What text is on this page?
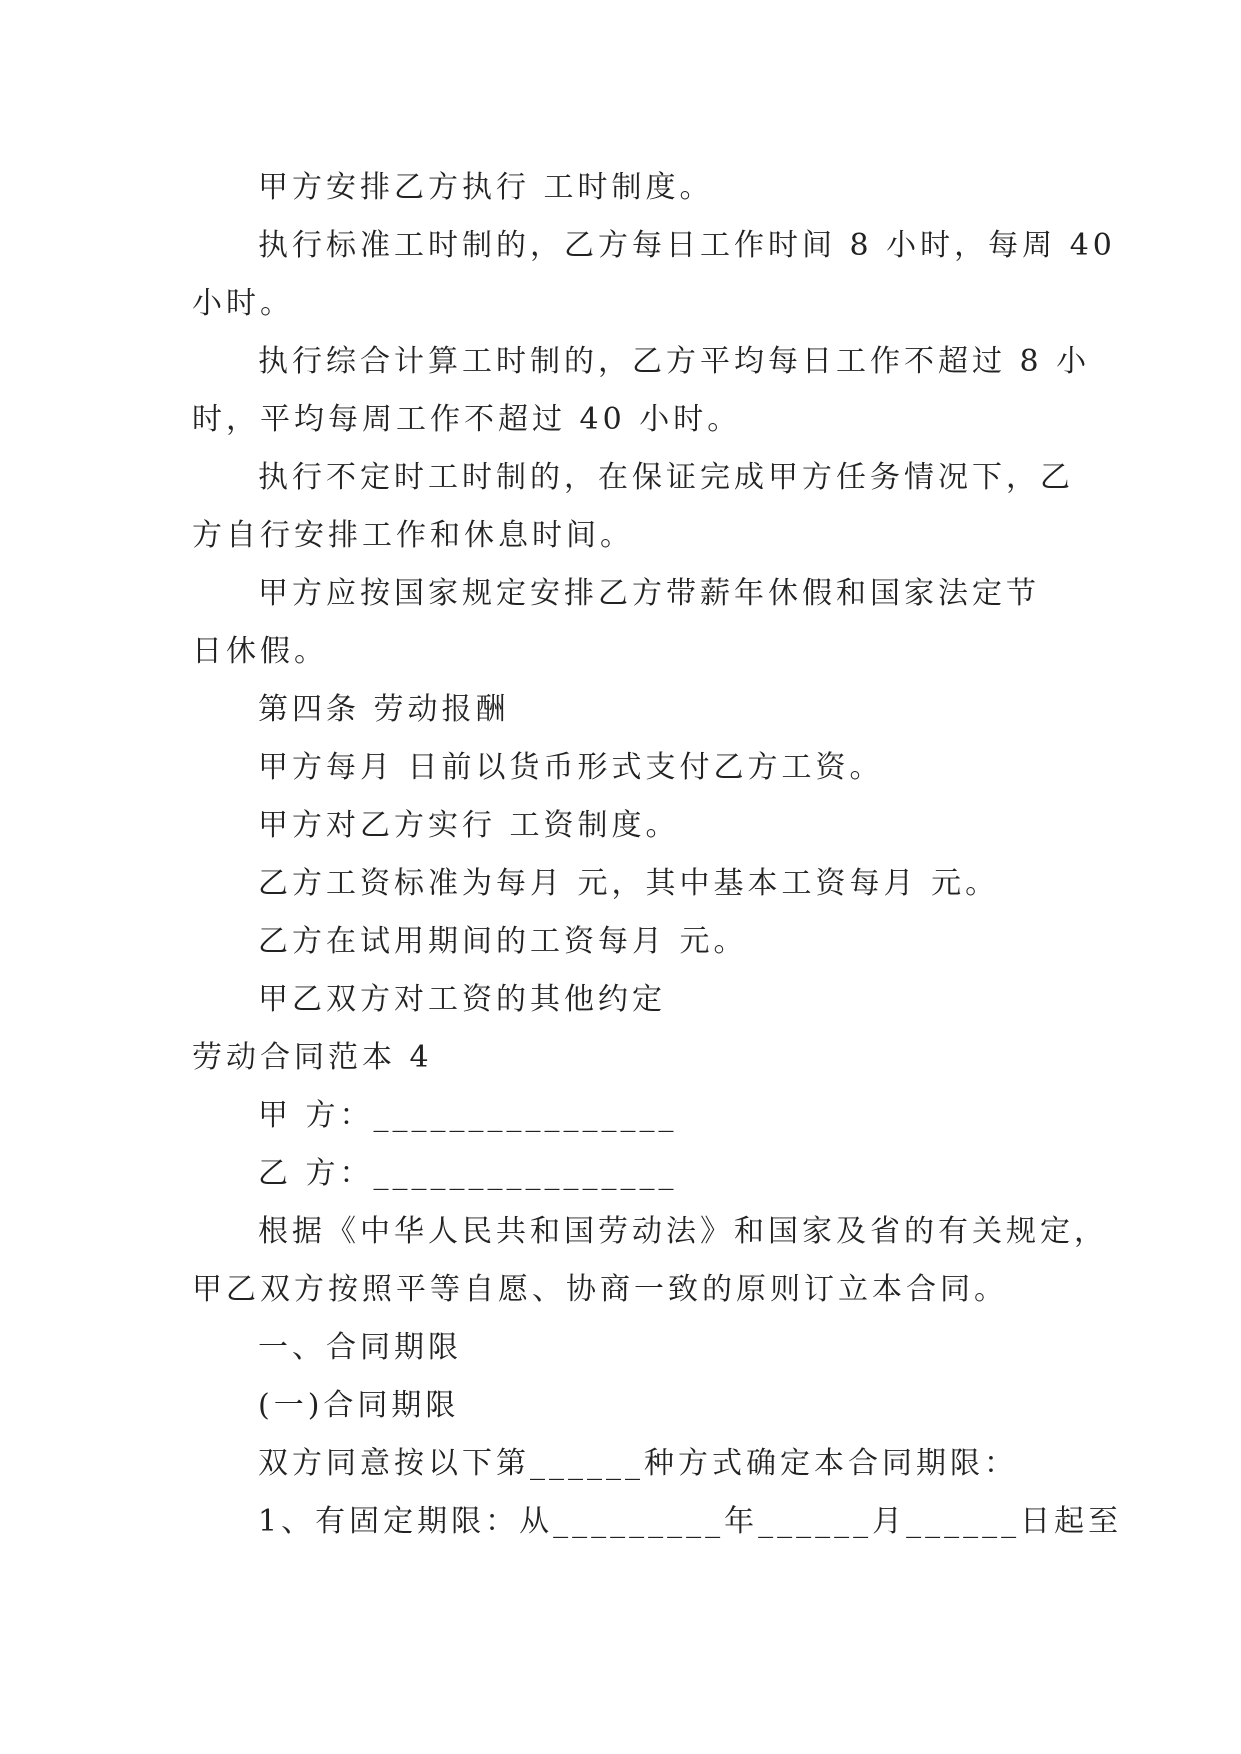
甲方安排乙方执行 工时制度。
执行标准工时制的，乙方每日工作时间 8 小时，每周 40
小时。
执行综合计算工时制的，乙方平均每日工作不超过 8 小
时，平均每周工作不超过 40 小时。
执行不定时工时制的，在保证完成甲方任务情况下，乙
方自行安排工作和休息时间。
甲方应按国家规定安排乙方带薪年休假和国家法定节
日休假。
第四条 劳动报酬
甲方每月 日前以货币形式支付乙方工资。
甲方对乙方实行 工资制度。
乙方工资标准为每月 元，其中基本工资每月 元。
乙方在试用期间的工资每月 元。
甲乙双方对工资的其他约定
劳动合同范本 4
甲 方：________________
乙 方：________________
根据《中华人民共和国劳动法》和国家及省的有关规定，
甲乙双方按照平等自愿、协商一致的原则订立本合同。
一、合同期限
(一)合同期限
双方同意按以下第______种方式确定本合同期限：
1、有固定期限：从_________年______月______日起至
